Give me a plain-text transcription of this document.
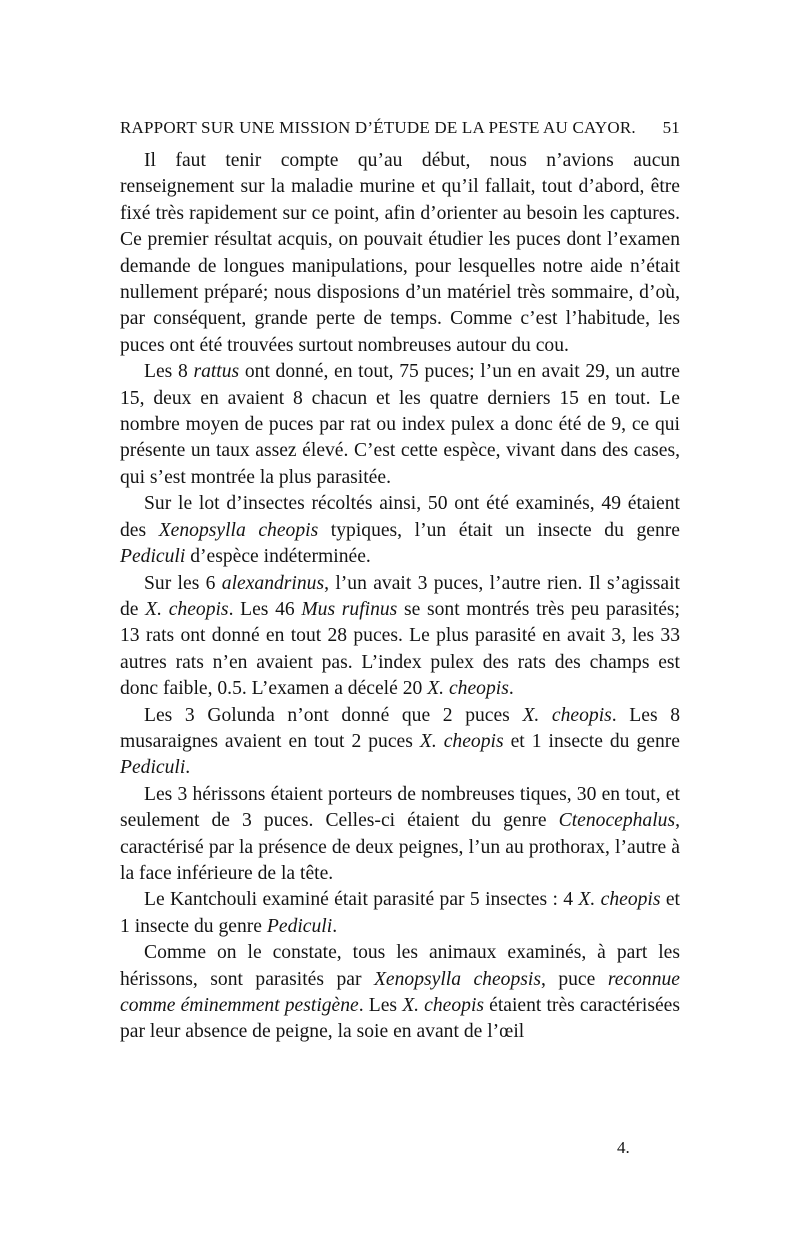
RAPPORT SUR UNE MISSION D’ÉTUDE DE LA PESTE AU CAYOR. 51

Il faut tenir compte qu’au début, nous n’avions aucun renseignement sur la maladie murine et qu’il fallait, tout d’abord, être fixé très rapidement sur ce point, afin d’orienter au besoin les captures. Ce premier résultat acquis, on pouvait étudier les puces dont l’examen demande de longues manipulations, pour lesquelles notre aide n’était nullement préparé; nous disposions d’un matériel très sommaire, d’où, par conséquent, grande perte de temps. Comme c’est l’habitude, les puces ont été trouvées surtout nombreuses autour du cou.

Les 8 rattus ont donné, en tout, 75 puces; l’un en avait 29, un autre 15, deux en avaient 8 chacun et les quatre derniers 15 en tout. Le nombre moyen de puces par rat ou index pulex a donc été de 9, ce qui présente un taux assez élevé. C’est cette espèce, vivant dans des cases, qui s’est montrée la plus parasitée.

Sur le lot d’insectes récoltés ainsi, 50 ont été examinés, 49 étaient des Xenopsylla cheopis typiques, l’un était un insecte du genre Pediculi d’espèce indéterminée.

Sur les 6 alexandrinus, l’un avait 3 puces, l’autre rien. Il s’agissait de X. cheopis. Les 46 Mus rufinus se sont montrés très peu parasités; 13 rats ont donné en tout 28 puces. Le plus parasité en avait 3, les 33 autres rats n’en avaient pas. L’index pulex des rats des champs est donc faible, 0.5. L’examen a décelé 20 X. cheopis.

Les 3 Golunda n’ont donné que 2 puces X. cheopis. Les 8 musaraignes avaient en tout 2 puces X. cheopis et 1 insecte du genre Pediculi.

Les 3 hérissons étaient porteurs de nombreuses tiques, 30 en tout, et seulement de 3 puces. Celles-ci étaient du genre Ctenocephalus, caractérisé par la présence de deux peignes, l’un au prothorax, l’autre à la face inférieure de la tête.

Le Kantchouli examiné était parasité par 5 insectes : 4 X. cheopis et 1 insecte du genre Pediculi.

Comme on le constate, tous les animaux examinés, à part les hérissons, sont parasités par Xenopsylla cheopsis, puce reconnue comme éminemment pestigène. Les X. cheopis étaient très caractérisées par leur absence de peigne, la soie en avant de l’œil

4.
